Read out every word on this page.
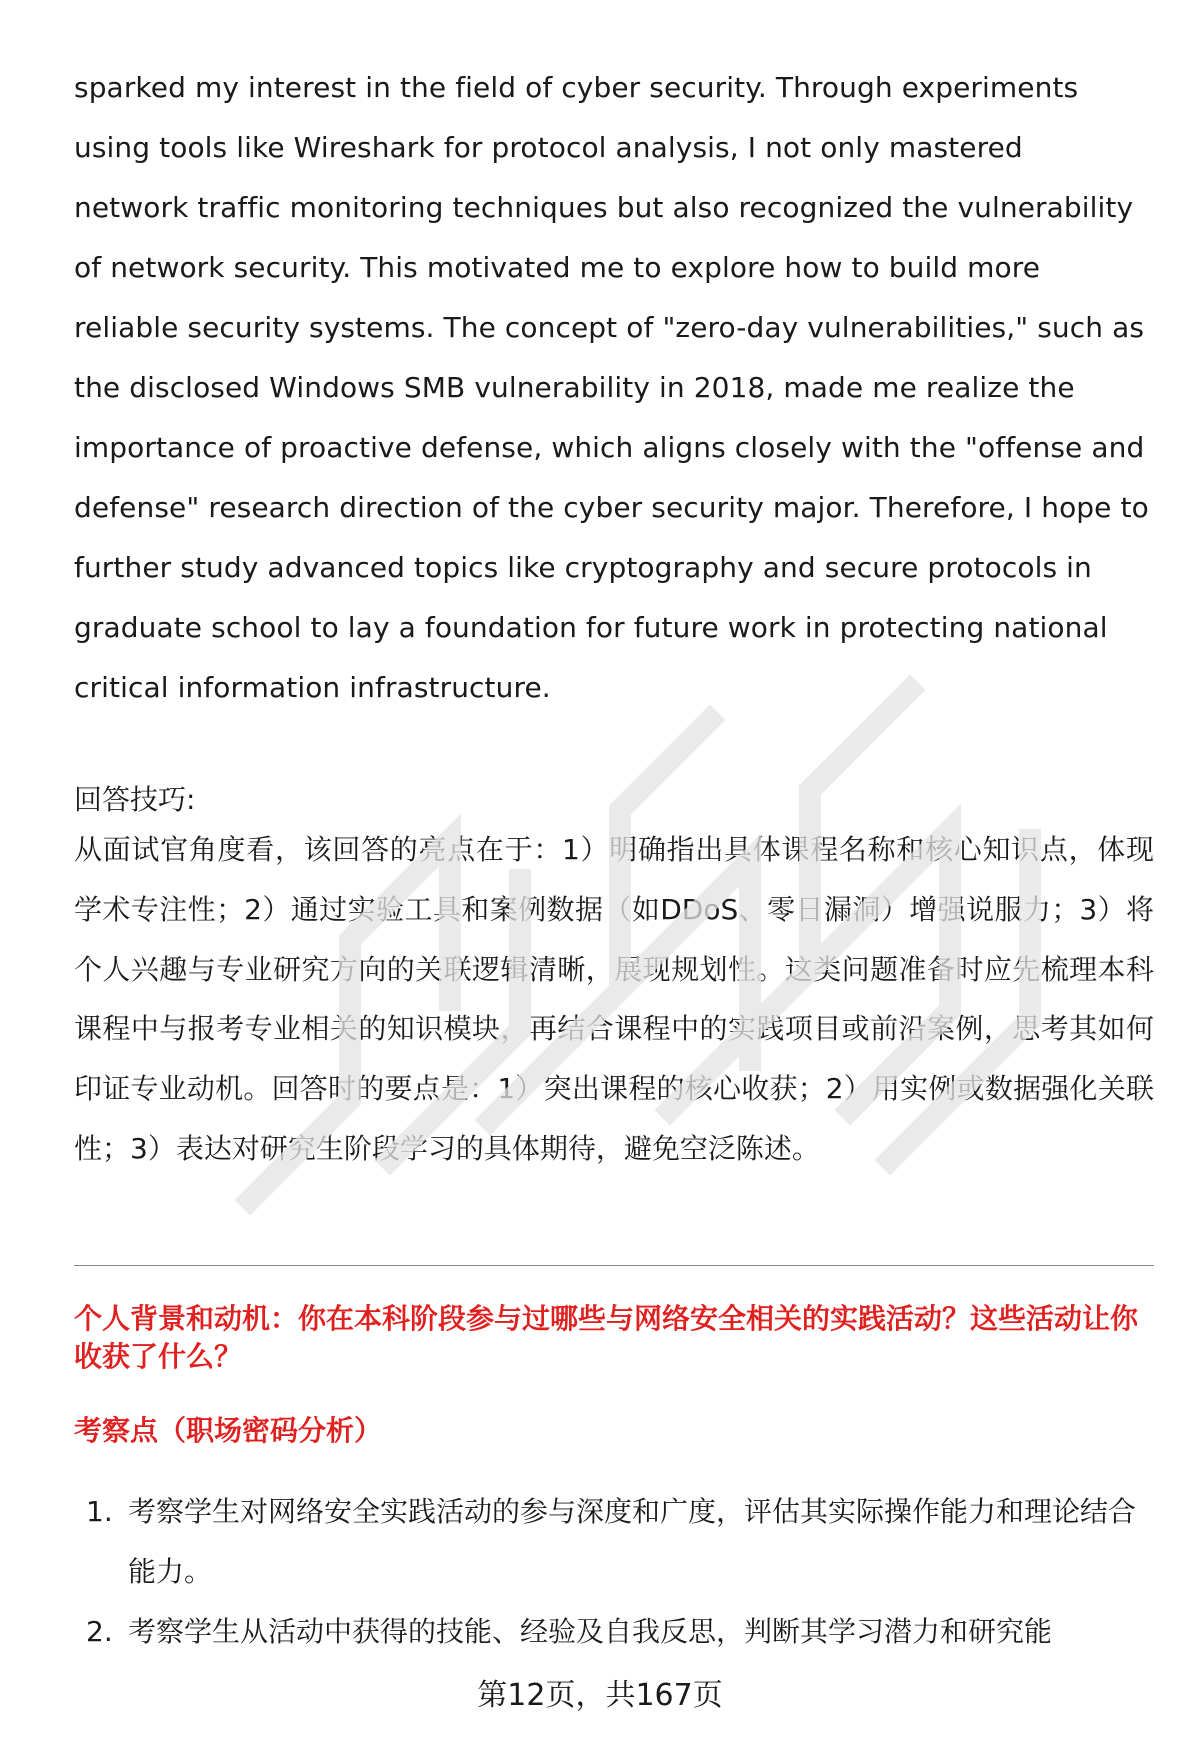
sparked my interest in the field of cyber security. Through experiments
using tools like Wireshark for protocol analysis, I not only mastered
network traffic monitoring techniques but also recognized the vulnerability
of network security. This motivated me to explore how to build more
reliable security systems. The concept of "zero-day vulnerabilities," such as
the disclosed Windows SMB vulnerability in 2018, made me realize the
importance of proactive defense, which aligns closely with the "offense and
defense" research direction of the cyber security major. Therefore, I hope to
further study advanced topics like cryptography and secure protocols in
graduate school to lay a foundation for future work in protecting national
critical information infrastructure.

回答技巧:

从面试官角度看，该回答的亮点在于：1）明确指出具体课程名称和核心知识点，体现学术专注性；2）通过实验工具和案例数据（如DDoS、零日漏洞）增强说服力；3）将个人兴趣与专业研究方向的关联逻辑清晰，展现规划性。这类问题准备时应先梳理本科课程中与报考专业相关的知识模块，再结合课程中的实践项目或前沿案例，思考其如何印证专业动机。回答时的要点是：1）突出课程的核心收获；2）用实例或数据强化关联性；3）表达对研究生阶段学习的具体期待，避免空泛陈述。

个人背景和动机：你在本科阶段参与过哪些与网络安全相关的实践活动？这些活动让你收获了什么？

考察点（职场密码分析）

1. 考察学生对网络安全实践活动的参与深度和广度，评估其实际操作能力和理论结合能力。
2. 考察学生从活动中获得的技能、经验及自我反思，判断其学习潜力和研究能
第12页，共167页
